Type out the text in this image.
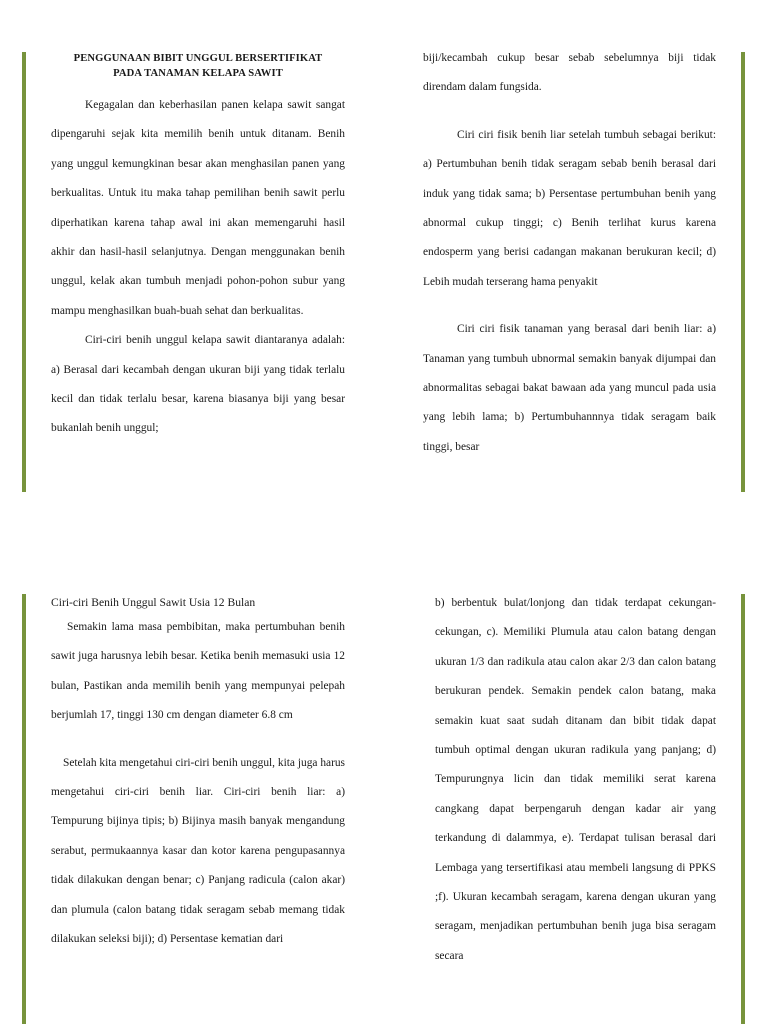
PENGGUNAAN BIBIT UNGGUL BERSERTIFIKAT
PADA TANAMAN KELAPA SAWIT

Kegagalan dan keberhasilan panen kelapa sawit sangat dipengaruhi sejak kita memilih benih untuk ditanam. Benih yang unggul kemungkinan besar akan menghasilan panen yang berkualitas. Untuk itu maka tahap pemilihan benih sawit perlu diperhatikan karena tahap awal ini akan memengaruhi hasil akhir dan hasil-hasil selanjutnya. Dengan menggunakan benih unggul, kelak akan tumbuh menjadi pohon-pohon subur yang mampu menghasilkan buah-buah sehat dan berkualitas.

Ciri-ciri benih unggul kelapa sawit diantaranya adalah: a) Berasal dari kecambah dengan ukuran biji yang tidak terlalu kecil dan tidak terlalu besar, karena biasanya biji yang besar bukanlah benih unggul;

biji/kecambah cukup besar sebab sebelumnya biji tidak direndam dalam fungsida.

Ciri ciri fisik benih liar setelah tumbuh sebagai berikut: a) Pertumbuhan benih tidak seragam sebab benih berasal dari induk yang tidak sama; b) Persentase pertumbuhan benih yang abnormal cukup tinggi; c) Benih terlihat kurus karena endosperm yang berisi cadangan makanan berukuran kecil; d) Lebih mudah terserang hama penyakit

Ciri ciri fisik tanaman yang berasal dari benih liar: a) Tanaman yang tumbuh ubnormal semakin banyak dijumpai dan abnormalitas sebagai bakat bawaan ada yang muncul pada usia yang lebih lama; b) Pertumbuhannnya tidak seragam baik tinggi, besar

Ciri-ciri Benih Unggul Sawit Usia 12 Bulan

Semakin lama masa pembibitan, maka pertumbuhan benih sawit juga harusnya lebih besar. Ketika benih memasuki usia 12 bulan, Pastikan anda memilih benih yang mempunyai pelepah berjumlah 17, tinggi 130 cm dengan diameter 6.8 cm

Setelah kita mengetahui ciri-ciri benih unggul, kita juga harus mengetahui ciri-ciri benih liar. Ciri-ciri benih liar: a) Tempurung bijinya tipis; b) Bijinya masih banyak mengandung serabut, permukaannya kasar dan kotor karena pengupasannya tidak dilakukan dengan benar; c) Panjang radicula (calon akar) dan plumula (calon batang tidak seragam sebab memang tidak dilakukan seleksi biji); d) Persentase kematian dari

b) berbentuk bulat/lonjong dan tidak terdapat cekungan-cekungan, c). Memiliki Plumula atau calon batang dengan ukuran 1/3 dan radikula atau calon akar 2/3 dan calon batang berukuran pendek. Semakin pendek calon batang, maka semakin kuat saat sudah ditanam dan bibit tidak dapat tumbuh optimal dengan ukuran radikula yang panjang; d) Tempurungnya licin dan tidak memiliki serat karena cangkang dapat berpengaruh dengan kadar air yang terkandung di dalammya, e). Terdapat tulisan berasal dari Lembaga yang tersertifikasi atau membeli langsung di PPKS ;f). Ukuran kecambah seragam, karena dengan ukuran yang seragam, menjadikan pertumbuhan benih juga bisa seragam secara
